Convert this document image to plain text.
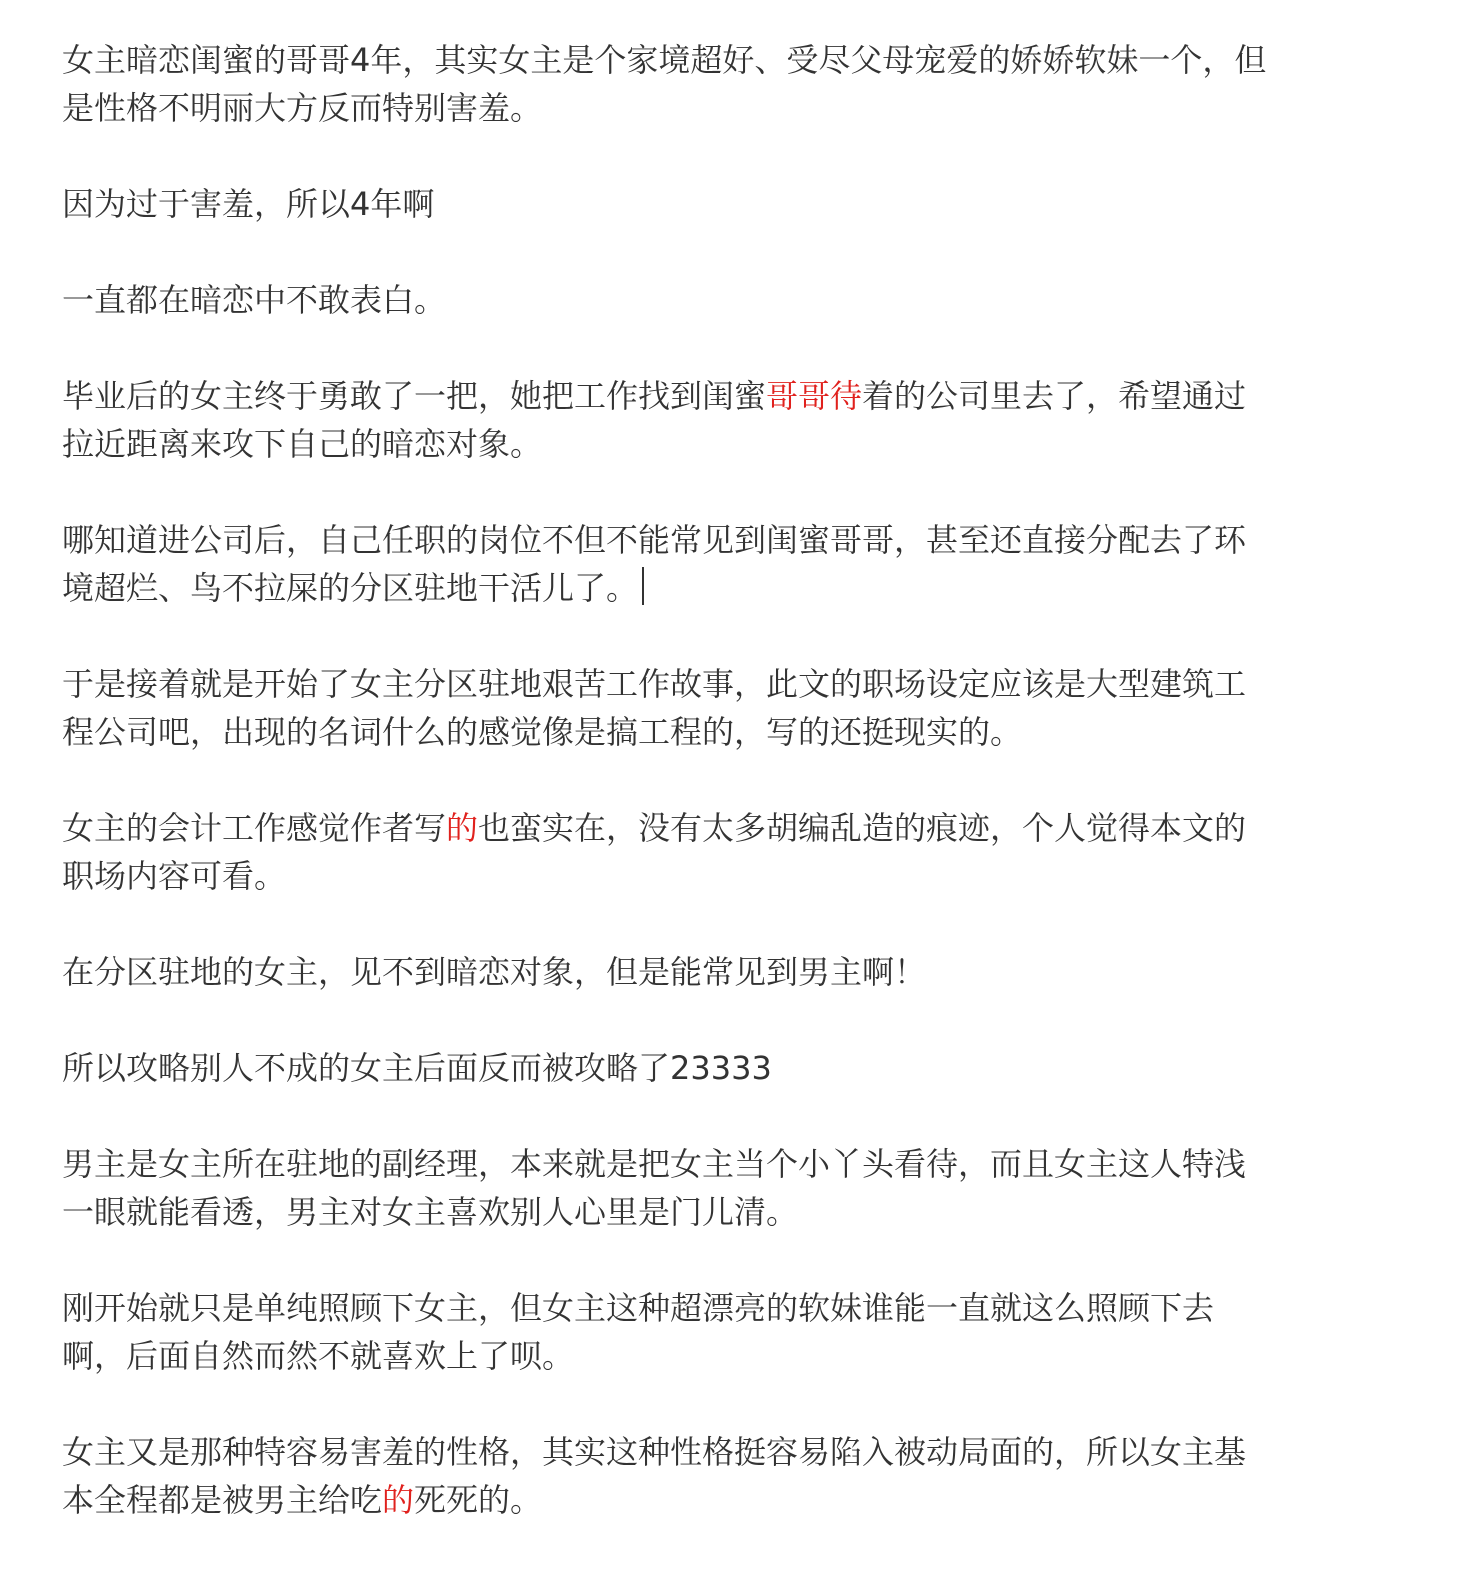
女主暗恋闺蜜的哥哥4年，其实女主是个家境超好、受尽父母宠爱的娇娇软妹一个，但是性格不明丽大方反而特别害羞。

因为过于害羞，所以4年啊

一直都在暗恋中不敢表白。

毕业后的女主终于勇敢了一把，她把工作找到闺蜜哥哥待着的公司里去了，希望通过拉近距离来攻下自己的暗恋对象。

哪知道进公司后，自己任职的岗位不但不能常见到闺蜜哥哥，甚至还直接分配去了环境超烂、鸟不拉屎的分区驻地干活儿了。

于是接着就是开始了女主分区驻地艰苦工作故事，此文的职场设定应该是大型建筑工程公司吧，出现的名词什么的感觉像是搞工程的，写的还挺现实的。

女主的会计工作感觉作者写的也蛮实在，没有太多胡编乱造的痕迹，个人觉得本文的职场内容可看。

在分区驻地的女主，见不到暗恋对象，但是能常见到男主啊！

所以攻略别人不成的女主后面反而被攻略了23333

男主是女主所在驻地的副经理，本来就是把女主当个小丫头看待，而且女主这人特浅一眼就能看透，男主对女主喜欢别人心里是门儿清。

刚开始就只是单纯照顾下女主，但女主这种超漂亮的软妹谁能一直就这么照顾下去啊，后面自然而然不就喜欢上了呗。

女主又是那种特容易害羞的性格，其实这种性格挺容易陷入被动局面的，所以女主基本全程都是被男主给吃的死死的。
